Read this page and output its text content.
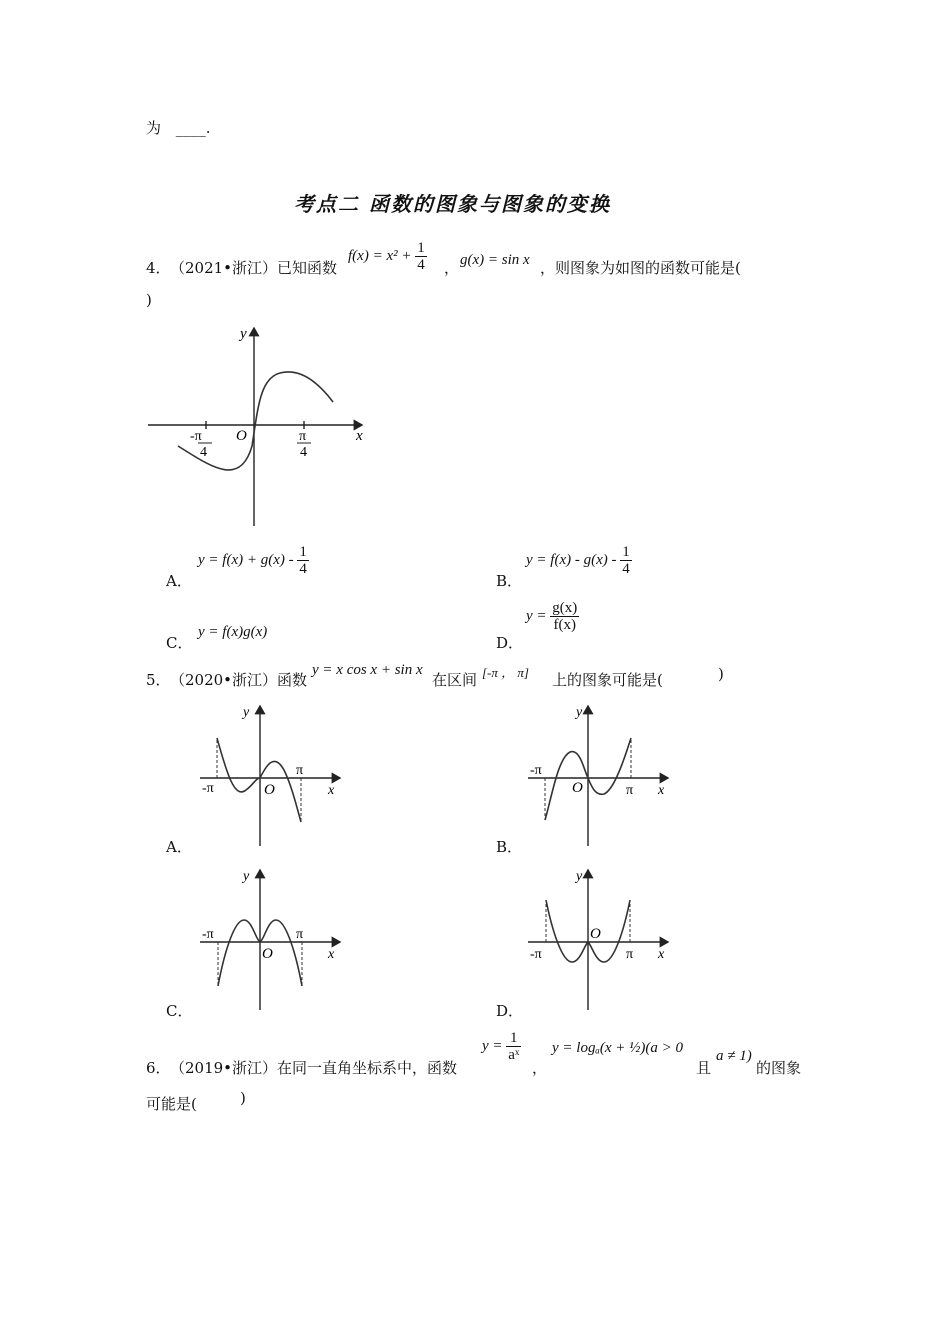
为 ____.
考点二 函数的图象与图象的变换
4． （2021•浙江）已知函数
$f(x) = x^2 + \frac{1}{4}$ ， g(x) = sin x ，则图象为如图的函数可能是(
)
y
x
O
-π
4
π
4
A．
$y = f(x) + g(x) - \frac{1}{4}$
B．
$y = f(x) - g(x) - \frac{1}{4}$
C．
y = f(x)g(x)
D．
$y = \frac{g(x)}{f(x)}$
5． （2020•浙江）函数
y = x cos x + sin x
在区间 [-π ， π] 上的图象可能是(	)
y
x
O
-π
π
A．
y
x
O
-π
π
B．
y
x
O
-π	π
C．
y
x
O
-π	π
D．
6． （2019•浙江）在同一直角坐标系中，函数
$y = \frac{1}{\text{aˣ}}$
，
y = logₐ(x + ½)(a > 0
且
a ≠ 1)
的图象
可能是(	)
